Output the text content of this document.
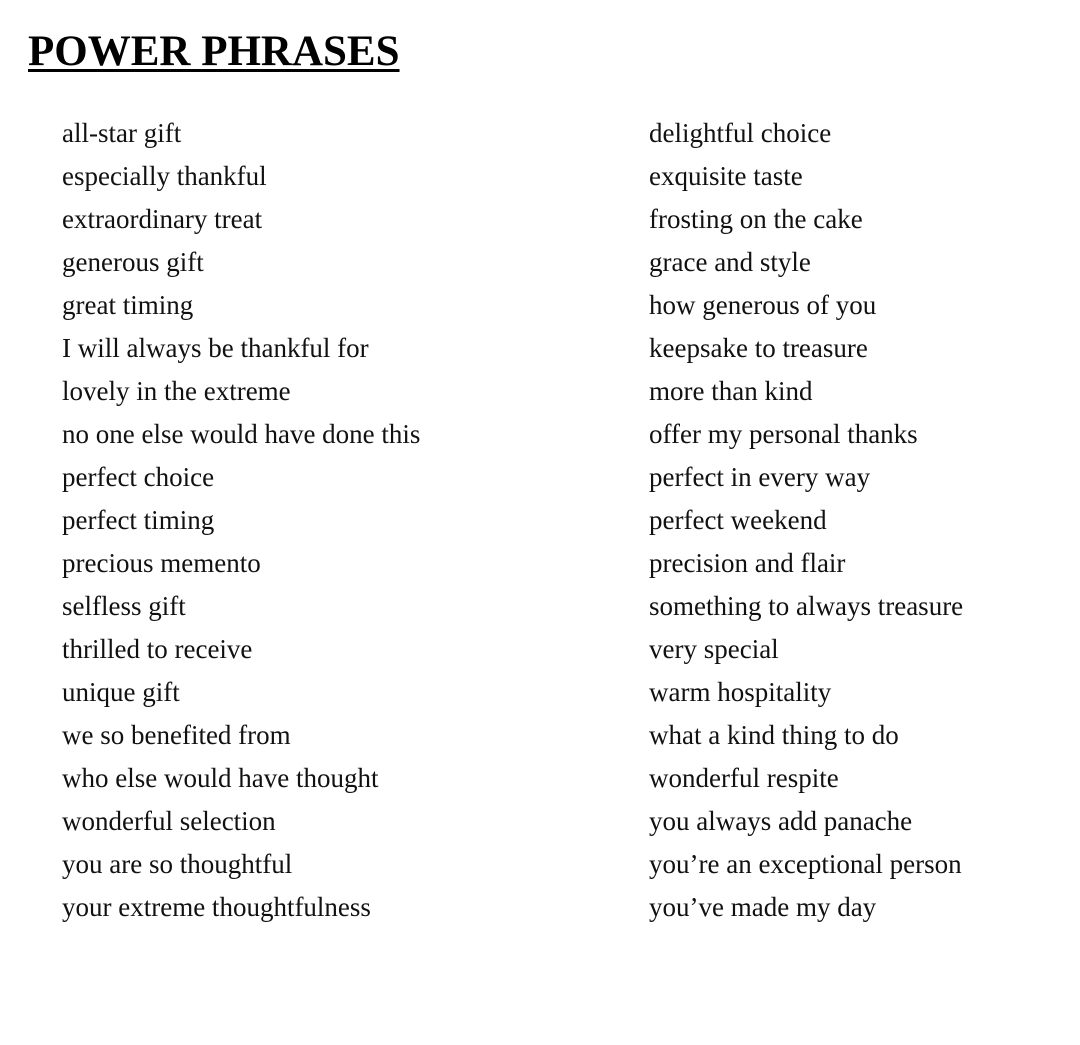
POWER PHRASES
all-star gift
especially thankful
extraordinary treat
generous gift
great timing
I will always be thankful for
lovely in the extreme
no one else would have done this
perfect choice
perfect timing
precious memento
selfless gift
thrilled to receive
unique gift
we so benefited from
who else would have thought
wonderful selection
you are so thoughtful
your extreme thoughtfulness
delightful choice
exquisite taste
frosting on the cake
grace and style
how generous of you
keepsake to treasure
more than kind
offer my personal thanks
perfect in every way
perfect weekend
precision and flair
something to always treasure
very special
warm hospitality
what a kind thing to do
wonderful respite
you always add panache
you’re an exceptional person
you’ve made my day
